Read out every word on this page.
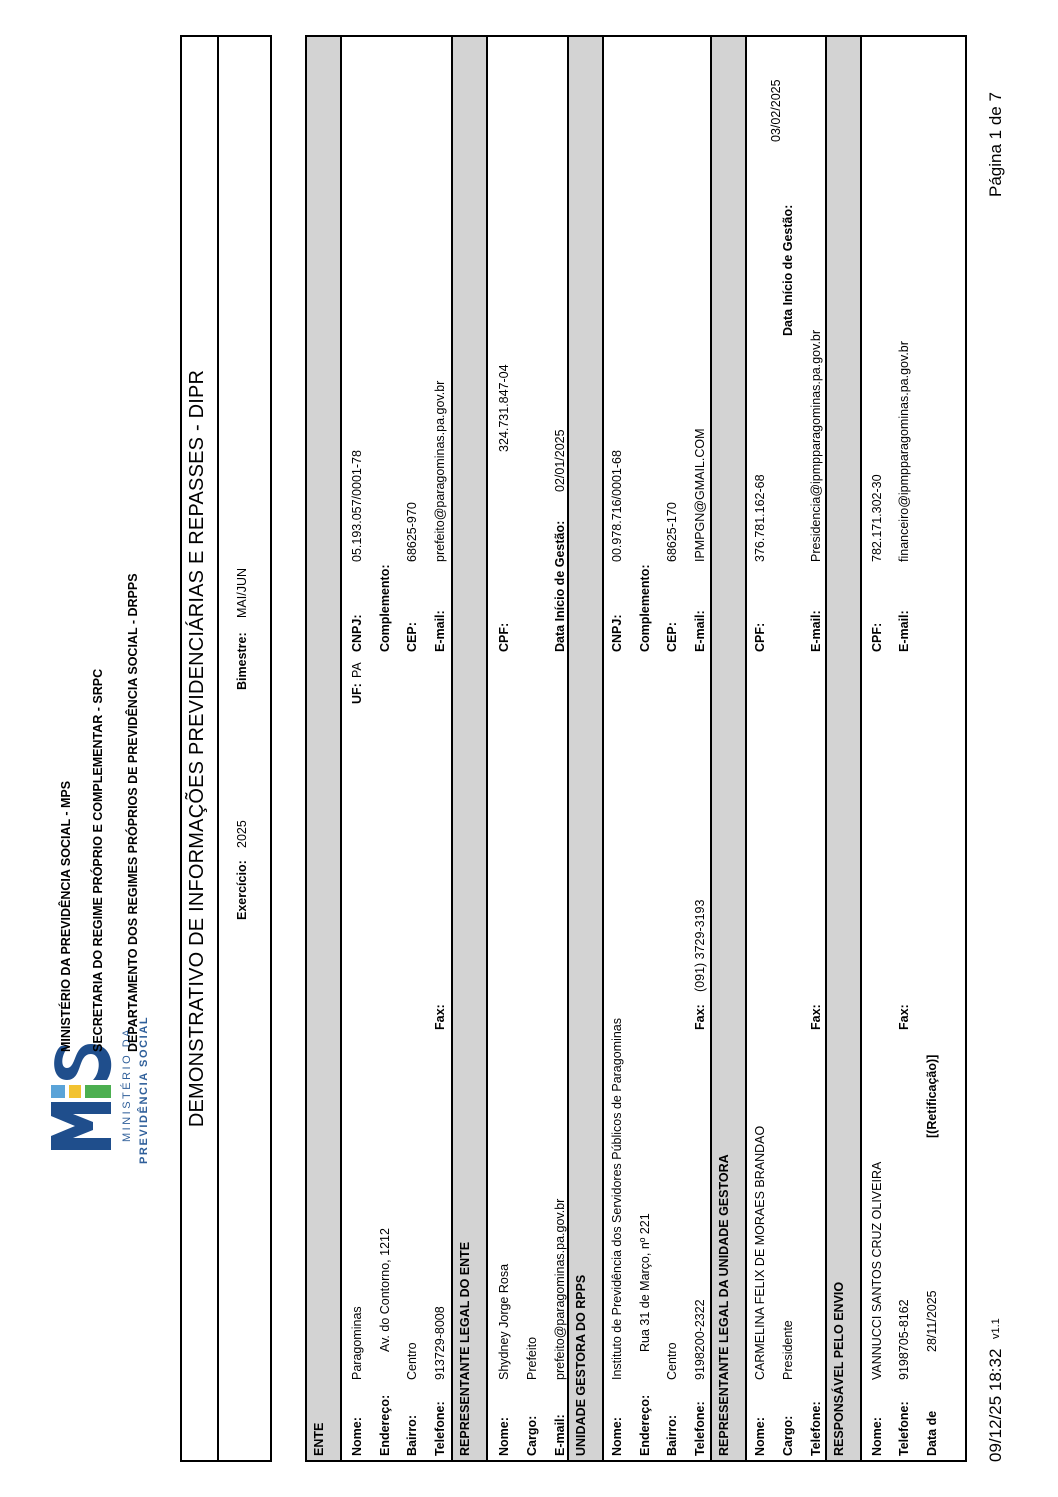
MINISTÉRIO DA PREVIDÊNCIA SOCIAL
MINISTÉRIO DA PREVIDÊNCIA SOCIAL - MPS SECRETARIA DO REGIME PRÓPRIO E COMPLEMENTAR - SRPC DEPARTAMENTO DOS REGIMES PRÓPRIOS DE PREVIDÊNCIA SOCIAL - DRPPS DEMONSTRATIVO DE INFORMAÇÕES PREVIDENCIÁRIAS E REPASSES - DIPR Exercício:
2025
Bimestre:
MAI/JUN
ENTE Nome:
Paragominas
UF:
PA
CNPJ:
05.193.057/0001-78
Endereço:
Av. do Contorno, 1212
Complemento:
Bairro:
Centro
CEP:
68625-970
Telefone:
913729-8008
Fax:
E-mail:
prefeito@paragominas.pa.gov.br
REPRESENTANTE LEGAL DO ENTE Nome:
Shydney Jorge Rosa
CPF:
324.731.847-04
Cargo:
Prefeito
E-mail:
prefeito@paragominas.pa.gov.br
Data Início de Gestão:
02/01/2025
UNIDADE GESTORA DO RPPS Nome:
Instituto de Previdência dos Servidores Públicos de Paragominas
CNPJ:
00.978.716/0001-68
Endereço:
Rua 31 de Março, nº 221
Complemento:
Bairro:
Centro
CEP:
68625-170
Telefone:
9198200-2322
Fax:
(091) 3729-3193
E-mail:
IPMPGN@GMAIL.COM
REPRESENTANTE LEGAL DA UNIDADE GESTORA Nome:
CARMELINA FELIX DE MORAES BRANDAO
CPF:
376.781.162-68
Cargo:
Presidente
Data Início de Gestão:
03/02/2025
Telefone:
Fax:
E-mail:
Presidencia@ipmpparagominas.pa.gov.br
RESPONSÁVEL PELO ENVIO Nome:
VANNUCCI SANTOS CRUZ OLIVEIRA
CPF:
782.171.302-30
Telefone:
9198705-8162
Fax:
E-mail:
financeiro@ipmpparagominas.pa.gov.br
Data de
28/11/2025
[(Retificação)]
09/12/25 18:32
v1.1
Página 1 de 7
